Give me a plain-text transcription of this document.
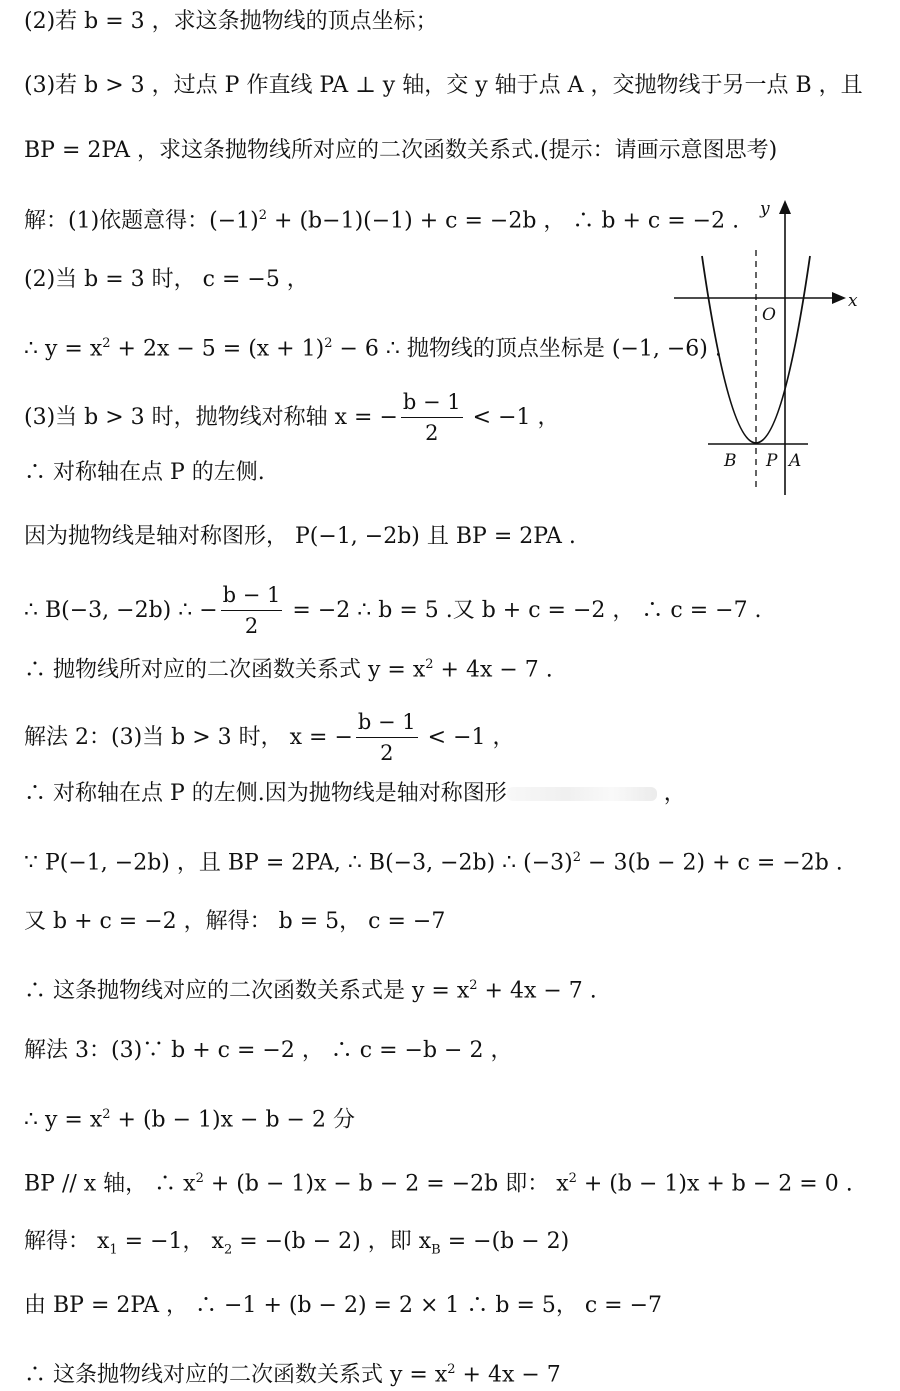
(2)若 b = 3 ，求这条抛物线的顶点坐标；

(3)若 b > 3 ，过点 P 作直线 PA ⊥ y 轴，交 y 轴于点 A ，交抛物线于另一点 B ，且

BP = 2PA ，求这条抛物线所对应的二次函数关系式.(提示：请画示意图思考)

解：(1)依题意得：$(-1)^2 + (b-1)(-1) + c = -2b$ ， ∴ b + c = −2 .

(2)当 b = 3 时， c = −5 ，

∴ $y = x^2 + 2x - 5 = (x + 1)^2 - 6$ ∴ 抛物线的顶点坐标是 (−1, −6) .

(3)当 b > 3 时，抛物线对称轴 x = − $\frac{b - 1}{2} < -1$ ，

∴ 对称轴在点 P 的左侧.

因为抛物线是轴对称图形， P(−1, −2b) 且 BP = 2PA .

∴ B(−3, −2b) ∴ − $\frac{b - 1}{2} = -2$ ∴ b = 5 .又 b + c = −2 ， ∴ c = −7 .

∴ 抛物线所对应的二次函数关系式 $y = x^2 + 4x - 7$ .

解法 2：(3)当 b > 3 时， x = − $\frac{b - 1}{2} < -1$ ，

∴ 对称轴在点 P 的左侧.因为抛物线是轴对称图形	，

∵ P(−1, −2b) ，且 BP = 2PA, ∴ B(−3, −2b) ∴ $(-3)^2 - 3(b - 2) + c = -2b$ .

又 b + c = −2 ，解得： b = 5， c = −7

∴ 这条抛物线对应的二次函数关系式是 $y = x^2 + 4x - 7$ .

解法 3：(3)∵ b + c = −2 ， ∴ c = −b − 2 ，

∴ $y = x^2 + (b - 1)x - b - 2$ 分

BP // x 轴， ∴ $x^2 + (b - 1)x - b - 2 = -2b$ 即： $x^2 + (b - 1)x + b - 2 = 0$ .

解得： $x_1 = -1$， $x_2 = -(b - 2)$ ，即 $x_B = -(b - 2)$

由 BP = 2PA ， ∴ −1 + (b − 2) = 2 × 1 ∴ b = 5， c = −7

∴ 这条抛物线对应的二次函数关系式 $y = x^2 + 4x - 7$

y
x
O
B P A
